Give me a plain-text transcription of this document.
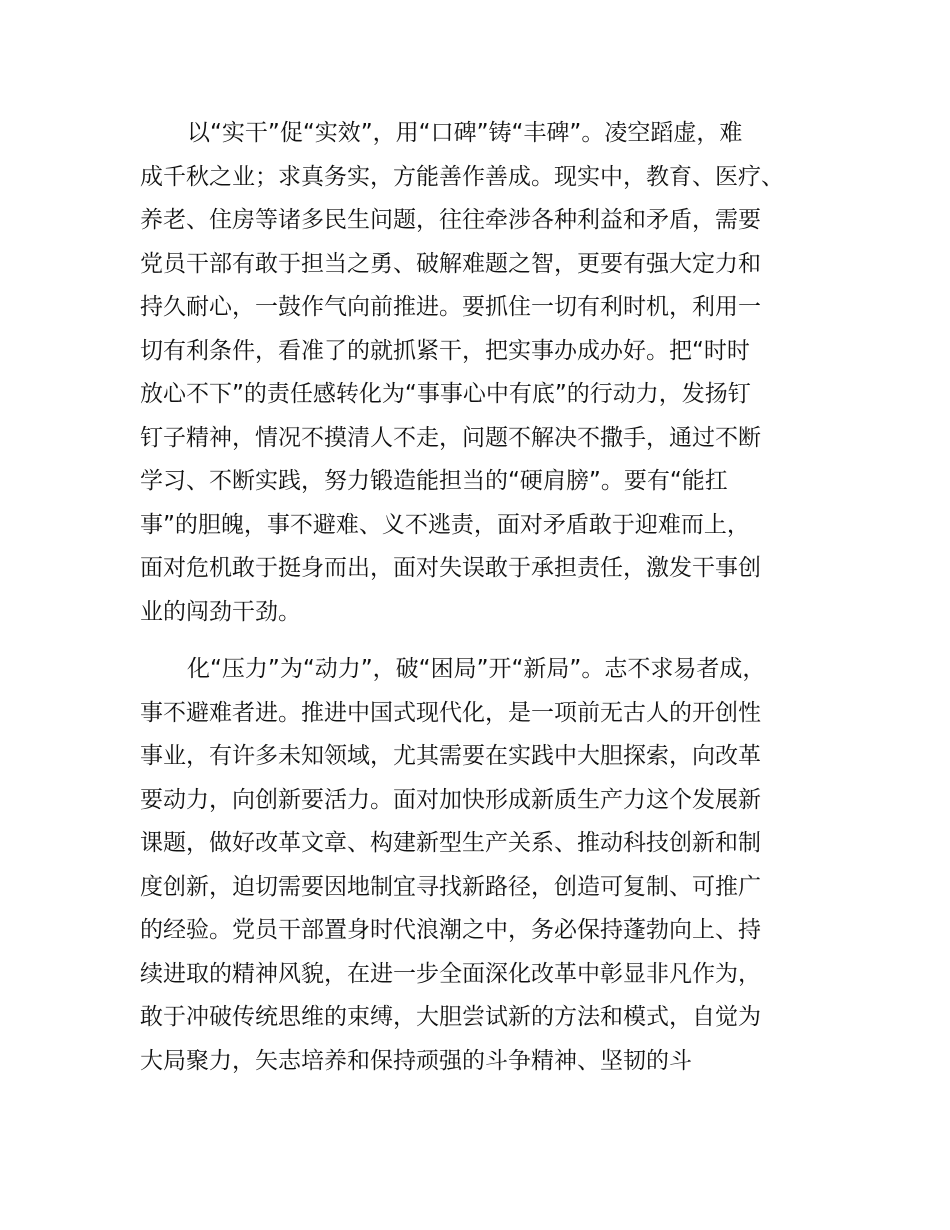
以“实干”促“实效”，用“口碑”铸“丰碑”。凌空蹈虚，难
成千秋之业；求真务实，方能善作善成。现实中，教育、医疗、
养老、住房等诸多民生问题，往往牵涉各种利益和矛盾，需要
党员干部有敢于担当之勇、破解难题之智，更要有强大定力和
持久耐心，一鼓作气向前推进。要抓住一切有利时机，利用一
切有利条件，看准了的就抓紧干，把实事办成办好。把“时时
放心不下”的责任感转化为“事事心中有底”的行动力，发扬钉
钉子精神，情况不摸清人不走，问题不解决不撒手，通过不断
学习、不断实践，努力锻造能担当的“硬肩膀”。要有“能扛
事”的胆魄，事不避难、义不逃责，面对矛盾敢于迎难而上，
面对危机敢于挺身而出，面对失误敢于承担责任，激发干事创
业的闯劲干劲。
化“压力”为“动力”，破“困局”开“新局”。志不求易者成，
事不避难者进。推进中国式现代化，是一项前无古人的开创性
事业，有许多未知领域，尤其需要在实践中大胆探索，向改革
要动力，向创新要活力。面对加快形成新质生产力这个发展新
课题，做好改革文章、构建新型生产关系、推动科技创新和制
度创新，迫切需要因地制宜寻找新路径，创造可复制、可推广
的经验。党员干部置身时代浪潮之中，务必保持蓬勃向上、持
续进取的精神风貌，在进一步全面深化改革中彰显非凡作为，
敢于冲破传统思维的束缚，大胆尝试新的方法和模式，自觉为
大局聚力，矢志培养和保持顽强的斗争精神、坚韧的斗
